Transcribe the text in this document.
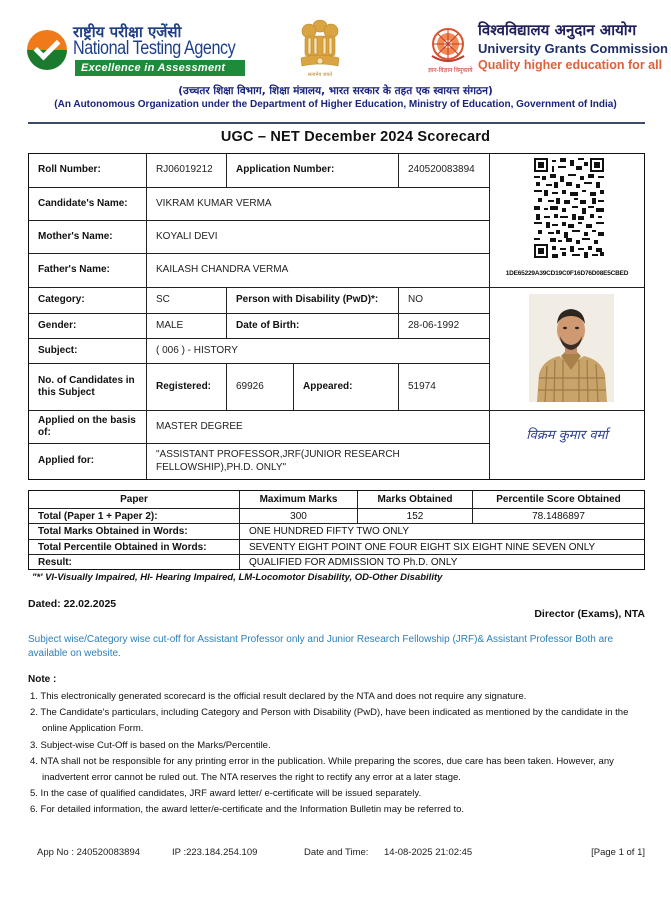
राष्ट्रीय परीक्षा एजेंसी
National Testing Agency
Excellence in Assessment
सत्यमेव जयते
ज्ञान-विज्ञान विमुक्तये
विश्वविद्यालय अनुदान आयोग
University Grants Commission
Quality higher education for all
(उच्चतर शिक्षा विभाग, शिक्षा मंत्रालय, भारत सरकार के तहत एक स्वायत्त संगठन)
(An Autonomous Organization under the Department of Higher Education, Ministry of Education, Government of India)
UGC – NET December 2024 Scorecard
Roll Number:	RJ06019212	Application Number:	240520083894
Candidate's Name:	VIKRAM KUMAR VERMA
Mother's Name:	KOYALI DEVI
Father's Name:	KAILASH CHANDRA VERMA
Category:	SC	Person with Disability (PwD)*:	NO
Gender:	MALE	Date of Birth:	28-06-1992
Subject:	( 006 ) - HISTORY
No. of Candidates in this Subject
Registered:	69926	Appeared:	51974
Applied on the basis of:
MASTER DEGREE
Applied for:
"ASSISTANT PROFESSOR,JRF(JUNIOR RESEARCH FELLOWSHIP),PH.D. ONLY"
1DE65229A39CD19C0F16D76D08E5CBED
विक्रम कुमार वर्मा
Paper	Maximum Marks	Marks Obtained	Percentile Score Obtained
Total (Paper 1 + Paper 2):	300	152	78.1486897
Total Marks Obtained in Words:	ONE HUNDRED FIFTY TWO ONLY
Total Percentile Obtained in Words:	SEVENTY EIGHT POINT ONE FOUR EIGHT SIX EIGHT NINE SEVEN ONLY
Result:	QUALIFIED FOR ADMISSION TO Ph.D. ONLY
"*' VI-Visually Impaired, HI- Hearing Impaired, LM-Locomotor Disability, OD-Other Disability
Dated: 22.02.2025
Director (Exams), NTA
Subject wise/Category wise cut-off for Assistant Professor only and Junior Research Fellowship (JRF)& Assistant Professor Both are available on website.
Note :
1. This electronically generated scorecard is the official result declared by the NTA and does not require any signature.
2. The Candidate's particulars, including Category and Person with Disability (PwD), have been indicated as mentioned by the candidate in the online Application Form.
3. Subject-wise Cut-Off is based on the Marks/Percentile.
4. NTA shall not be responsible for any printing error in the publication. While preparing the scores, due care has been taken. However, any inadvertent error cannot be ruled out. The NTA reserves the right to rectify any error at a later stage.
5. In the case of qualified candidates, JRF award letter/ e-certificate will be issued separately.
6. For detailed information, the award letter/e-certificate and the Information Bulletin may be referred to.
App No : 240520083894	IP :223.184.254.109	Date and Time: 14-08-2025 21:02:45	[Page 1 of 1]
